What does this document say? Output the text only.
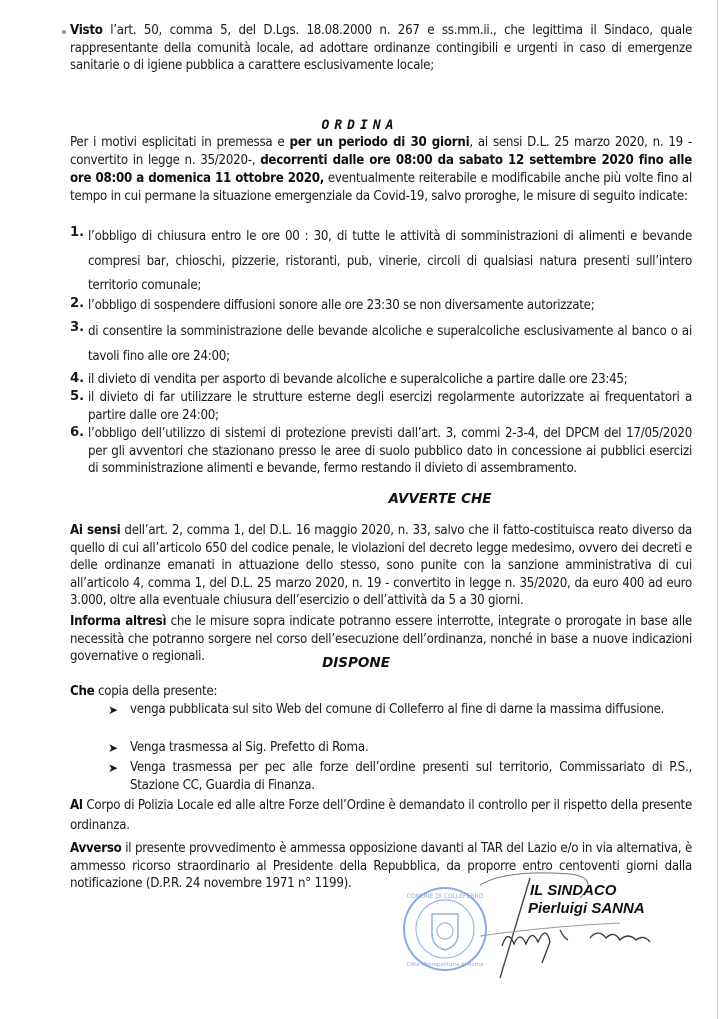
Visto l’art. 50, comma 5, del D.Lgs. 18.08.2000 n. 267 e ss.mm.ii., che legittima il Sindaco, quale rappresentante della comunità locale, ad adottare ordinanze contingibili e urgenti in caso di emergenze sanitarie o di igiene pubblica a carattere esclusivamente locale;
ORDINA
Per i motivi esplicitati in premessa e per un periodo di 30 giorni, ai sensi D.L. 25 marzo 2020, n. 19 - convertito in legge n. 35/2020-, decorrenti dalle ore 08:00 da sabato 12 settembre 2020 fino alle ore 08:00 a domenica 11 ottobre 2020, eventualmente reiterabile e modificabile anche più volte fino al tempo in cui permane la situazione emergenziale da Covid-19, salvo proroghe, le misure di seguito indicate:
1. l’obbligo di chiusura entro le ore 00 : 30, di tutte le attività di somministrazioni di alimenti e bevande compresi bar, chioschi, pizzerie, ristoranti, pub, vinerie, circoli di qualsiasi natura presenti sull’intero territorio comunale;
2. l’obbligo di sospendere diffusioni sonore alle ore 23:30 se non diversamente autorizzate;
3. di consentire la somministrazione delle bevande alcoliche e superalcoliche esclusivamente al banco o ai tavoli fino alle ore 24:00;
4. il divieto di vendita per asporto di bevande alcoliche e superalcoliche a partire dalle ore 23:45;
5. il divieto di far utilizzare le strutture esterne degli esercizi regolarmente autorizzate ai frequentatori a partire dalle ore 24:00;
6. l’obbligo dell’utilizzo di sistemi di protezione previsti dall’art. 3, commi 2-3-4, del DPCM del 17/05/2020 per gli avventori che stazionano presso le aree di suolo pubblico dato in concessione ai pubblici esercizi di somministrazione alimenti e bevande, fermo restando il divieto di assembramento.
AVVERTE CHE
Ai sensi dell’art. 2, comma 1, del D.L. 16 maggio 2020, n. 33, salvo che il fatto-costituisca reato diverso da quello di cui all’articolo 650 del codice penale, le violazioni del decreto legge medesimo, ovvero dei decreti e delle ordinanze emanati in attuazione dello stesso, sono punite con la sanzione amministrativa di cui all’articolo 4, comma 1, del D.L. 25 marzo 2020, n. 19 - convertito in legge n. 35/2020, da euro 400 ad euro 3.000, oltre alla eventuale chiusura dell’esercizio o dell’attività da 5 a 30 giorni.
Informa altresì che le misure sopra indicate potranno essere interrotte, integrate o prorogate in base alle necessità che potranno sorgere nel corso dell’esecuzione dell’ordinanza, nonché in base a nuove indicazioni governative o regionali.	DISPONE
Che copia della presente:
➤ venga pubblicata sul sito Web del comune di Colleferro al fine di darne la massima diffusione.
➤ Venga trasmessa al Sig. Prefetto di Roma.
➤ Venga trasmessa per pec alle forze dell’ordine presenti sul territorio, Commissariato di P.S., Stazione CC, Guardia di Finanza.
Al Corpo di Polizia Locale ed alle altre Forze dell’Ordine è demandato il controllo per il rispetto della presente ordinanza.
Avverso il presente provvedimento è ammessa opposizione davanti al TAR del Lazio e/o in via alternativa, è ammesso ricorso straordinario al Presidente della Repubblica, da proporre entro centoventi giorni dalla notificazione (D.P.R. 24 novembre 1971 n° 1199).
COMUNE DI COLLEFERRO
Citta Metropolitana di Roma
IL SINDACO
Pierluigi SANNA
